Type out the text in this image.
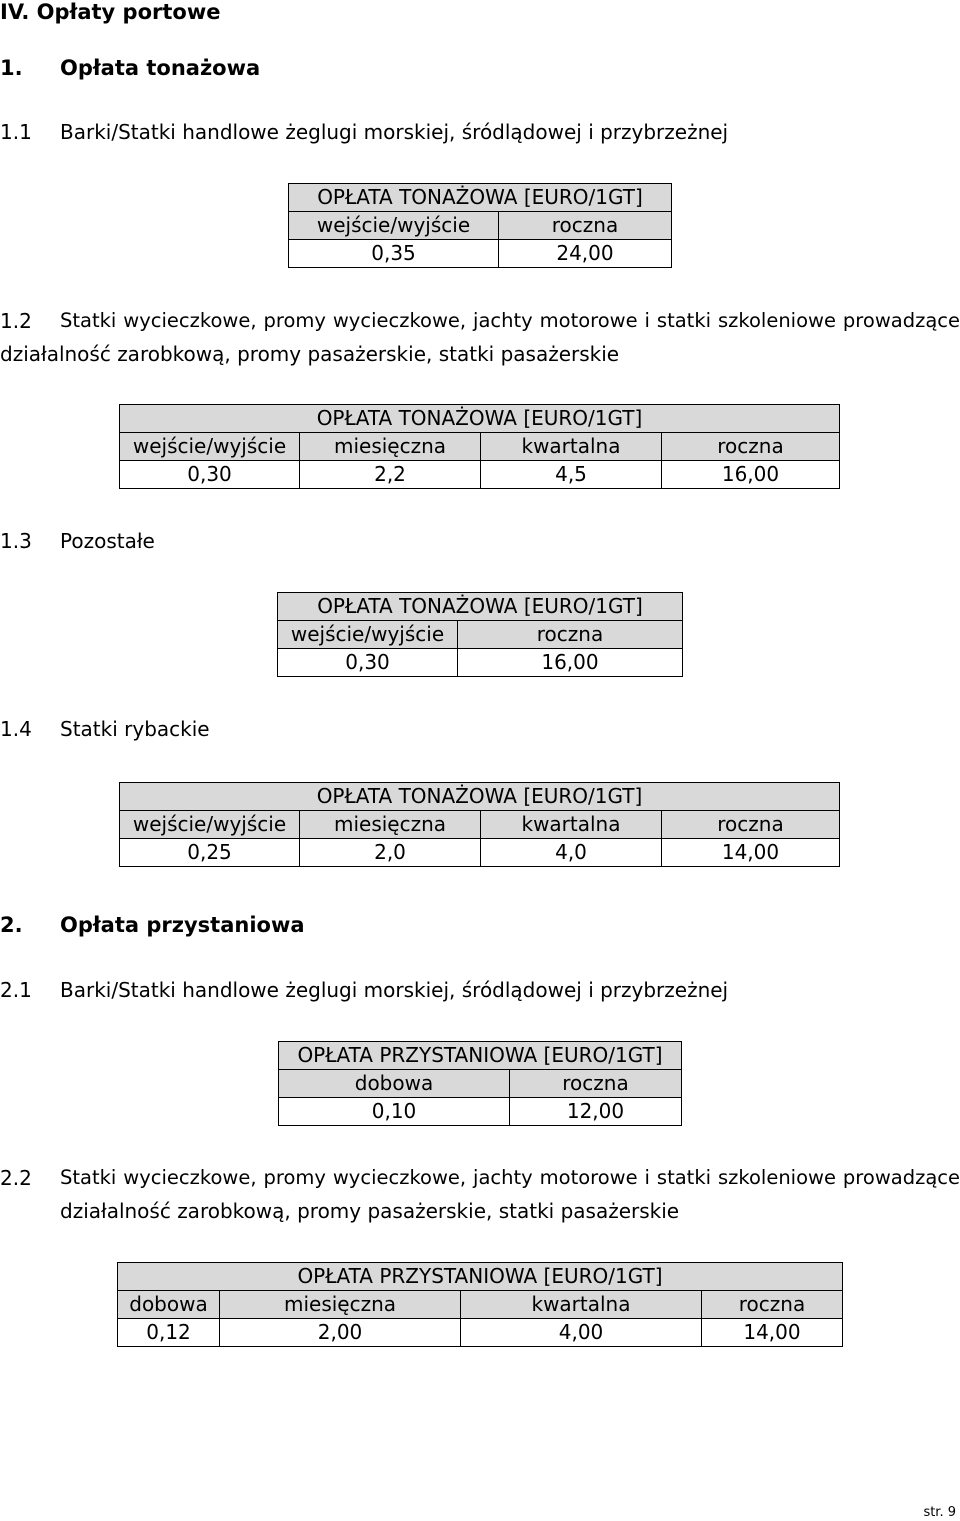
IV. Opłaty portowe
1. Opłata tonażowa
1.1 Barki/Statki handlowe żeglugi morskiej, śródlądowej i przybrzeżnej
OPŁATA TONAŻOWA [EURO/1GT]	
wejście/wyjście	roczna
0,35	24,00
1.2 Statki wycieczkowe, promy wycieczkowe, jachty motorowe i statki szkoleniowe prowadzące
działalność zarobkową, promy pasażerskie, statki pasażerskie
OPŁATA TONAŻOWA [EURO/1GT]			
wejście/wyjście	miesięczna	kwartalna	roczna
0,30	2,2	4,5	16,00
1.3 Pozostałe
OPŁATA TONAŻOWA [EURO/1GT]	
wejście/wyjście	roczna
0,30	16,00
1.4 Statki rybackie
OPŁATA TONAŻOWA [EURO/1GT]			
wejście/wyjście	miesięczna	kwartalna	roczna
0,25	2,0	4,0	14,00
2. Opłata przystaniowa
2.1 Barki/Statki handlowe żeglugi morskiej, śródlądowej i przybrzeżnej
OPŁATA PRZYSTANIOWA [EURO/1GT]	
dobowa	roczna
0,10	12,00
2.2 Statki wycieczkowe, promy wycieczkowe, jachty motorowe i statki szkoleniowe prowadzące
działalność zarobkową, promy pasażerskie, statki pasażerskie
OPŁATA PRZYSTANIOWA [EURO/1GT]			
dobowa	miesięczna	kwartalna	roczna
0,12	2,00	4,00	14,00
str. 9
